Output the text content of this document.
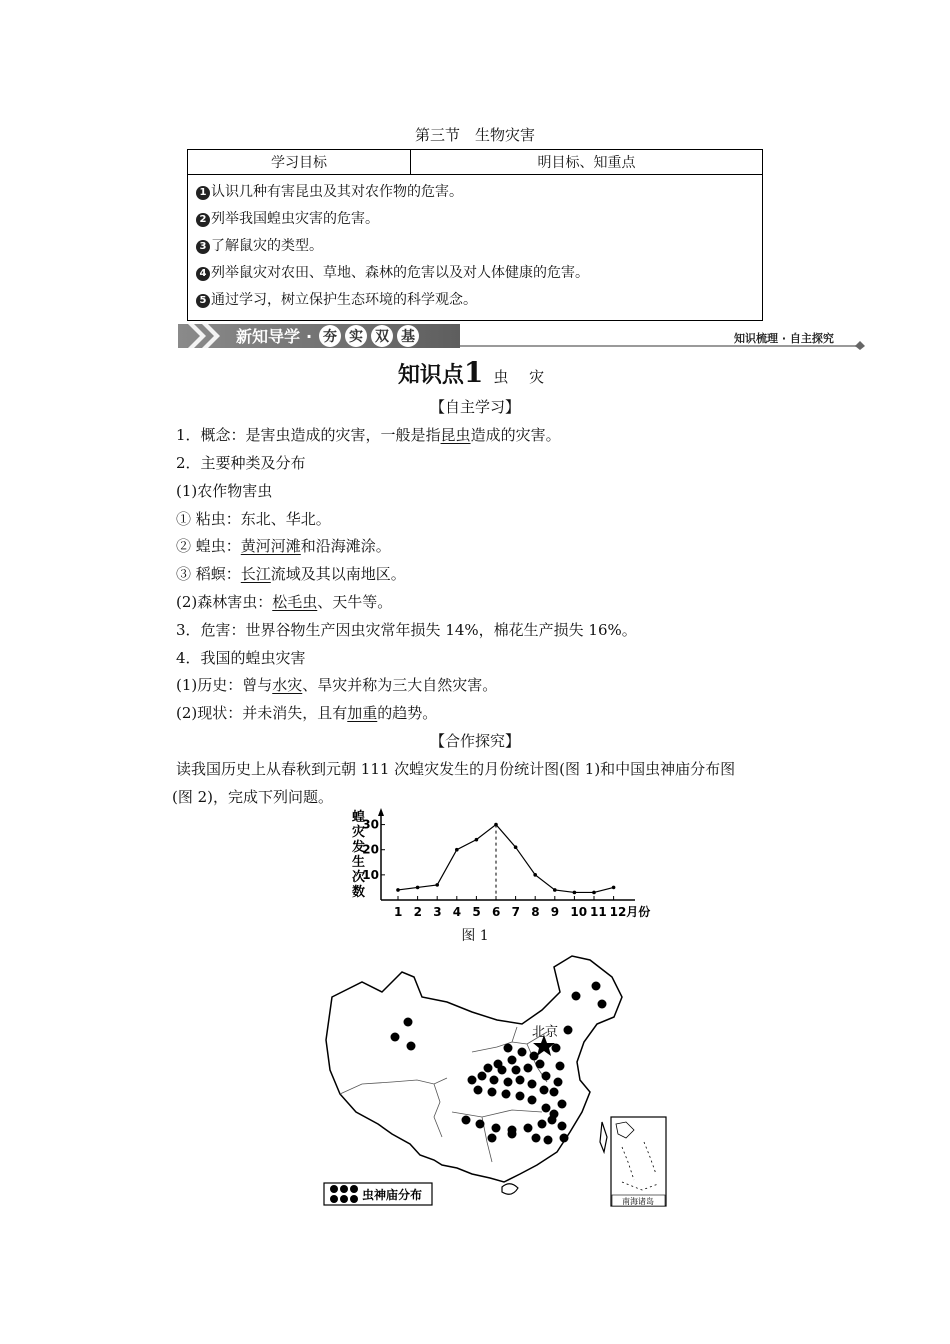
第三节　生物灾害
学习目标	明目标、知重点

1 认识几种有害昆虫及其对农作物的危害。
2 列举我国蝗虫灾害的危害。
3 了解鼠灾的类型。
4 列举鼠灾对农田、草地、森林的危害以及对人体健康的危害。
5 通过学习，树立保护生态环境的科学观念。
新知导学 · 夯 实 双 基	知识梳理 · 自主探究
知识点1 虫 灾
【自主学习】
1．概念：是害虫造成的灾害，一般是指昆虫造成的灾害。
2．主要种类及分布
(1)农作物害虫
① 粘虫：东北、华北。
② 蝗虫：黄河河滩和沿海滩涂。
③ 稻螟：长江流域及其以南地区。
(2)森林害虫：松毛虫、天牛等。
3．危害：世界谷物生产因虫灾常年损失 14%，棉花生产损失 16%。
4．我国的蝗虫灾害
(1)历史：曾与水灾、旱灾并称为三大自然灾害。
(2)现状：并未消失，且有加重的趋势。
【合作探究】
读我国历史上从春秋到元朝 111 次蝗灾发生的月份统计图(图 1)和中国虫神庙分布图
(图 2)，完成下列问题。
蝗
灾
发
生
次
数
10
20
30
1 2 3 4 5 6 7 8 9 10 11 12月份
图 1
北京
虫神庙分布	南海诸岛
